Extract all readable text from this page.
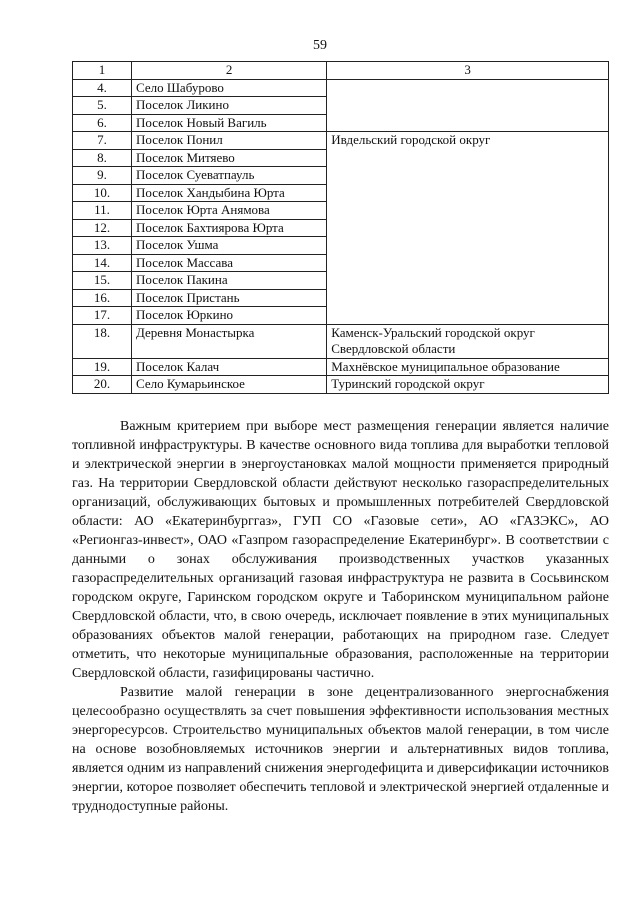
59
1	2	3
4.	Село Шабурово	
5.	Поселок Ликино	
6.	Поселок Новый Вагиль	
7.	Поселок Понил	Ивдельский городской округ
8.	Поселок Митяево	
9.	Поселок Суеватпауль	
10.	Поселок Хандыбина Юрта	
11.	Поселок Юрта Анямова	
12.	Поселок Бахтиярова Юрта	
13.	Поселок Ушма	
14.	Поселок Массава	
15.	Поселок Пакина	
16.	Поселок Пристань	
17.	Поселок Юркино	
18.	Деревня Монастырка	Каменск-Уральский городской округ
Свердловской области

19.	Поселок Калач	Махнёвское муниципальное образование
20.	Село Кумарьинское	Туринский городской округ

Важным критерием при выборе мест размещения генерации является наличие топливной инфраструктуры. В качестве основного вида топлива для выработки тепловой и электрической энергии в энергоустановках малой мощности применяется природный газ. На территории Свердловской области действуют несколько газораспределительных организаций, обслуживающих бытовых и промышленных потребителей Свердловской области: АО «Екатеринбурггаз», ГУП СО «Газовые сети», АО «ГАЗЭКС», АО «Регионгаз-инвест», ОАО «Газпром газораспределение Екатеринбург». В соответствии с данными о зонах обслуживания производственных участков указанных газораспределительных организаций газовая инфраструктура не развита в Сосьвинском городском округе, Гаринском городском округе и Таборинском муниципальном районе Свердловской области, что, в свою очередь, исключает появление в этих муниципальных образованиях объектов малой генерации, работающих на природном газе. Следует отметить, что некоторые муниципальные образования, расположенные на территории Свердловской области, газифицированы частично.

Развитие малой генерации в зоне децентрализованного энергоснабжения целесообразно осуществлять за счет повышения эффективности использования местных энергоресурсов. Строительство муниципальных объектов малой генерации, в том числе на основе возобновляемых источников энергии и альтернативных видов топлива, является одним из направлений снижения энергодефицита и диверсификации источников энергии, которое позволяет обеспечить тепловой и электрической энергией отдаленные и труднодоступные районы.
